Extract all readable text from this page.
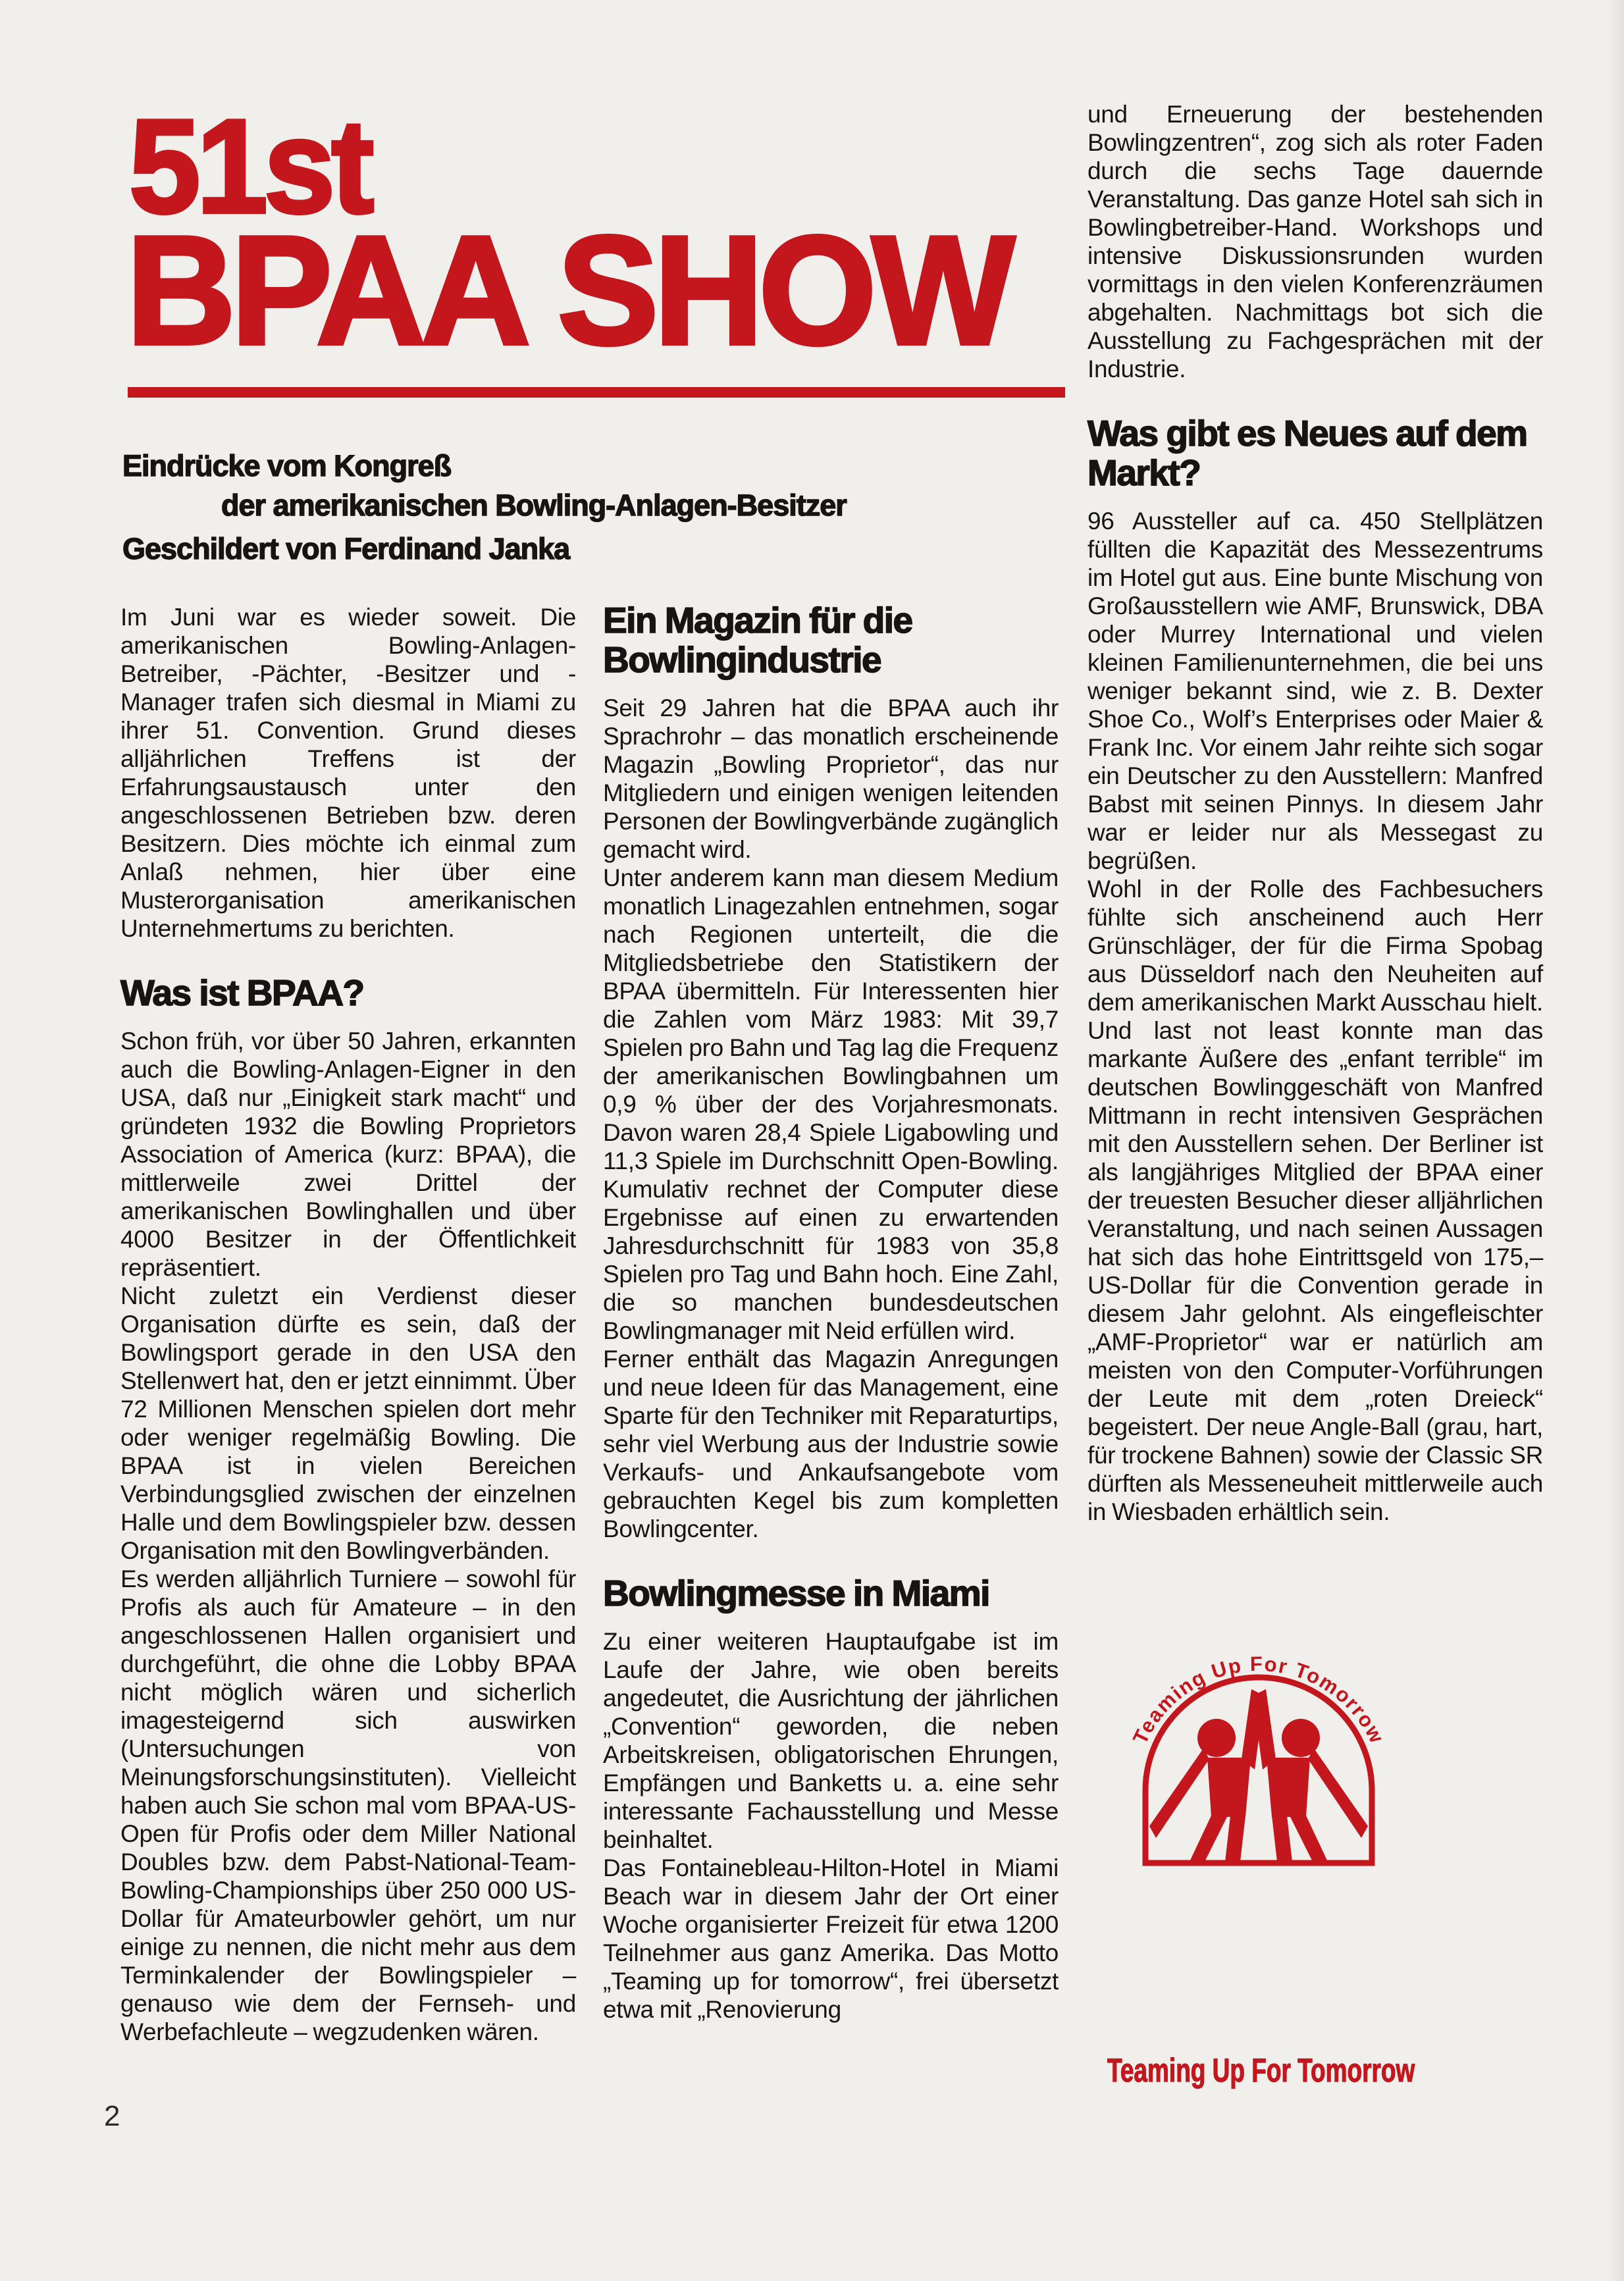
51st
BPAA SHOW
Eindrücke vom Kongreß
der amerikanischen Bowling-Anlagen-Besitzer
Geschildert von Ferdinand Janka

Im Juni war es wieder soweit. Die amerikanischen Bowling-Anlagen-Betreiber, -Pächter, -Besitzer und -Manager trafen sich diesmal in Miami zu ihrer 51. Convention. Grund dieses alljährlichen Treffens ist der Erfahrungsaustausch unter den angeschlossenen Betrieben bzw. deren Besitzern. Dies möchte ich einmal zum Anlaß nehmen, hier über eine Musterorganisation amerikanischen Unternehmertums zu berichten.

Was ist BPAA?

Schon früh, vor über 50 Jahren, erkannten auch die Bowling-Anlagen-Eigner in den USA, daß nur „Einigkeit stark macht“ und gründeten 1932 die Bowling Proprietors Association of America (kurz: BPAA), die mittlerweile zwei Drittel der amerikanischen Bowlinghallen und über 4000 Besitzer in der Öffentlichkeit repräsentiert.

Nicht zuletzt ein Verdienst dieser Organisation dürfte es sein, daß der Bowlingsport gerade in den USA den Stellenwert hat, den er jetzt einnimmt. Über 72 Millionen Menschen spielen dort mehr oder weniger regelmäßig Bowling. Die BPAA ist in vielen Bereichen Verbindungsglied zwischen der einzelnen Halle und dem Bowlingspieler bzw. dessen Organisation mit den Bowlingverbänden.

Es werden alljährlich Turniere – sowohl für Profis als auch für Amateure – in den angeschlossenen Hallen organisiert und durchgeführt, die ohne die Lobby BPAA nicht möglich wären und sicherlich imagesteigernd sich auswirken (Untersuchungen von Meinungsforschungsinstituten). Vielleicht haben auch Sie schon mal vom BPAA-US-Open für Profis oder dem Miller National Doubles bzw. dem Pabst-National-Team-Bowling-Championships über 250 000 US-Dollar für Amateurbowler gehört, um nur einige zu nennen, die nicht mehr aus dem Terminkalender der Bowlingspieler – genauso wie dem der Fernseh- und Werbefachleute – wegzudenken wären.

Ein Magazin für die Bowlingindustrie

Seit 29 Jahren hat die BPAA auch ihr Sprachrohr – das monatlich erscheinende Magazin „Bowling Proprietor“, das nur Mitgliedern und einigen wenigen leitenden Personen der Bowlingverbände zugänglich gemacht wird.

Unter anderem kann man diesem Medium monatlich Linagezahlen entnehmen, sogar nach Regionen unterteilt, die die Mitgliedsbetriebe den Statistikern der BPAA übermitteln. Für Interessenten hier die Zahlen vom März 1983: Mit 39,7 Spielen pro Bahn und Tag lag die Frequenz der amerikanischen Bowlingbahnen um 0,9 % über der des Vorjahresmonats. Davon waren 28,4 Spiele Ligabowling und 11,3 Spiele im Durchschnitt Open-Bowling. Kumulativ rechnet der Computer diese Ergebnisse auf einen zu erwartenden Jahresdurchschnitt für 1983 von 35,8 Spielen pro Tag und Bahn hoch. Eine Zahl, die so manchen bundesdeutschen Bowlingmanager mit Neid erfüllen wird.

Ferner enthält das Magazin Anregungen und neue Ideen für das Management, eine Sparte für den Techniker mit Reparaturtips, sehr viel Werbung aus der Industrie sowie Verkaufs- und Ankaufsangebote vom gebrauchten Kegel bis zum kompletten Bowlingcenter.

Bowlingmesse in Miami

Zu einer weiteren Hauptaufgabe ist im Laufe der Jahre, wie oben bereits angedeutet, die Ausrichtung der jährlichen „Convention“ geworden, die neben Arbeitskreisen, obligatorischen Ehrungen, Empfängen und Banketts u. a. eine sehr interessante Fachausstellung und Messe beinhaltet.

Das Fontainebleau-Hilton-Hotel in Miami Beach war in diesem Jahr der Ort einer Woche organisierter Freizeit für etwa 1200 Teilnehmer aus ganz Amerika. Das Motto „Teaming up for tomorrow“, frei übersetzt etwa mit „Renovierung

und Erneuerung der bestehenden Bowlingzentren“, zog sich als roter Faden durch die sechs Tage dauernde Veranstaltung. Das ganze Hotel sah sich in Bowlingbetreiber-Hand. Workshops und intensive Diskussionsrunden wurden vormittags in den vielen Konferenzräumen abgehalten. Nachmittags bot sich die Ausstellung zu Fachgesprächen mit der Industrie.

Was gibt es Neues auf dem Markt?

96 Aussteller auf ca. 450 Stellplätzen füllten die Kapazität des Messezentrums im Hotel gut aus. Eine bunte Mischung von Großausstellern wie AMF, Brunswick, DBA oder Murrey International und vielen kleinen Familienunternehmen, die bei uns weniger bekannt sind, wie z. B. Dexter Shoe Co., Wolf’s Enterprises oder Maier & Frank Inc. Vor einem Jahr reihte sich sogar ein Deutscher zu den Ausstellern: Manfred Babst mit seinen Pinnys. In diesem Jahr war er leider nur als Messegast zu begrüßen.

Wohl in der Rolle des Fachbesuchers fühlte sich anscheinend auch Herr Grünschläger, der für die Firma Spobag aus Düsseldorf nach den Neuheiten auf dem amerikanischen Markt Ausschau hielt. Und last not least konnte man das markante Äußere des „enfant terrible“ im deutschen Bowlinggeschäft von Manfred Mittmann in recht intensiven Gesprächen mit den Ausstellern sehen. Der Berliner ist als langjähriges Mitglied der BPAA einer der treuesten Besucher dieser alljährlichen Veranstaltung, und nach seinen Aussagen hat sich das hohe Eintrittsgeld von 175,– US-Dollar für die Convention gerade in diesem Jahr gelohnt. Als eingefleischter „AMF-Proprietor“ war er natürlich am meisten von den Computer-Vorführungen der Leute mit dem „roten Dreieck“ begeistert. Der neue Angle-Ball (grau, hart, für trockene Bahnen) sowie der Classic SR dürften als Messeneuheit mittlerweile auch in Wiesbaden erhältlich sein.

Teaming Up For Tomorrow
Teaming Up For Tomorrow
2
